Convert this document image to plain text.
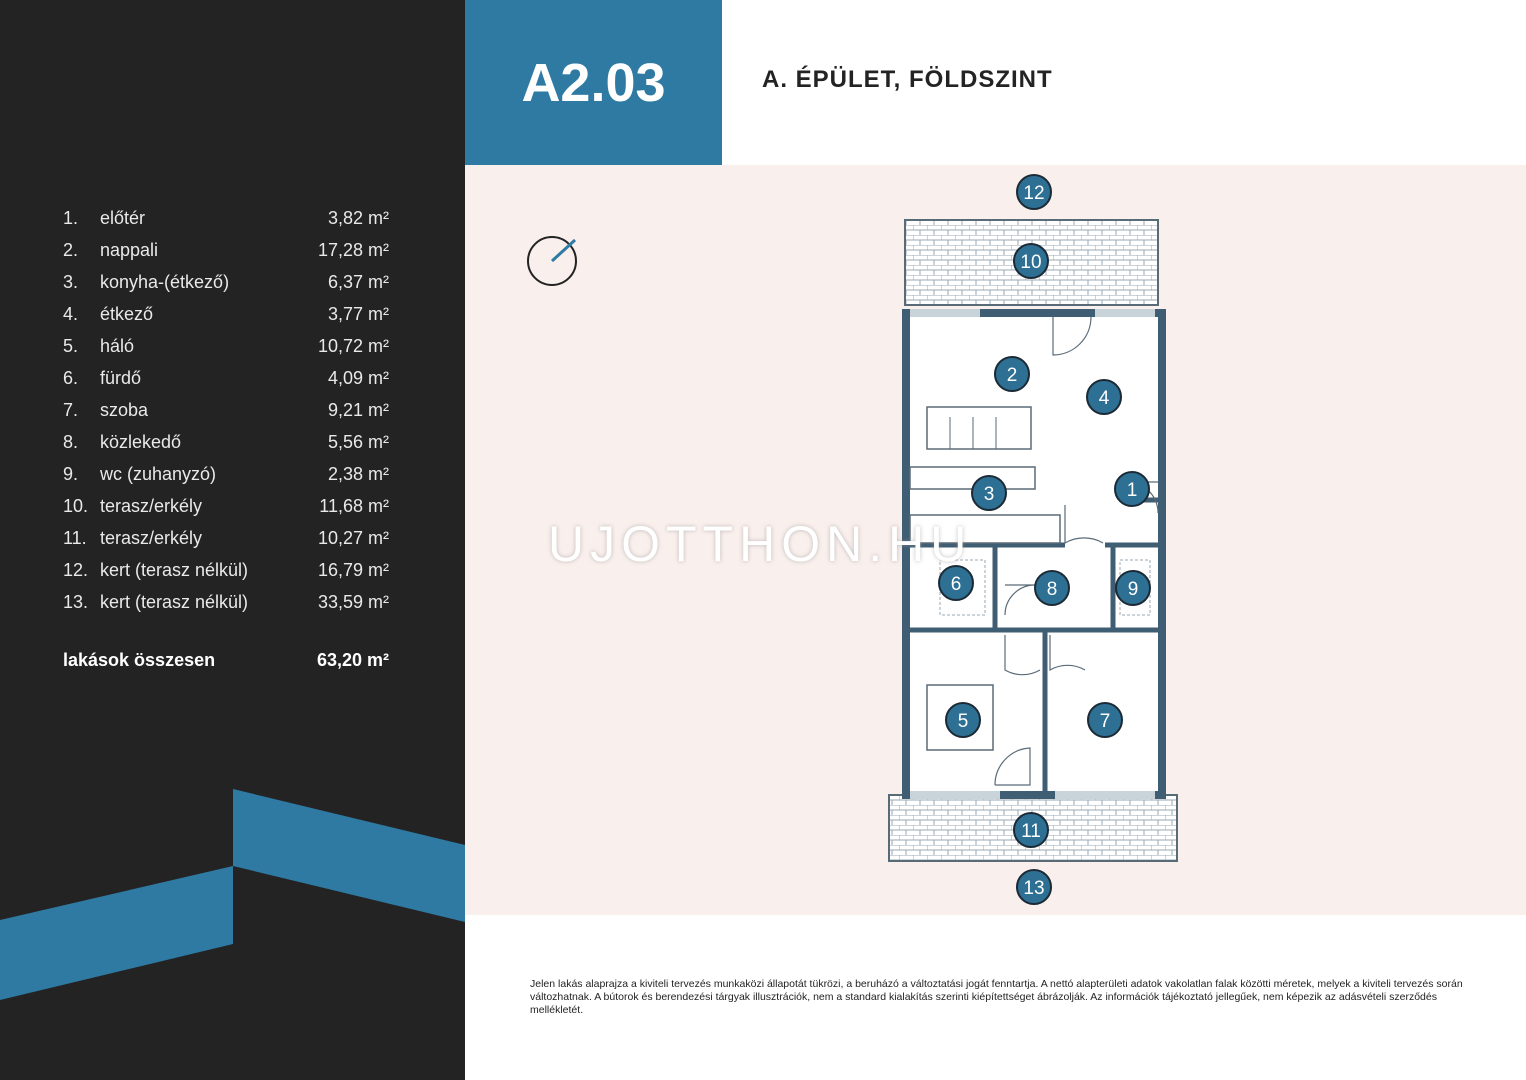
1. előtér	3,82 m²
2. nappali	17,28 m²
3. konyha-(étkező)	6,37 m²
4. étkező	3,77 m²
5. háló	10,72 m²
6. fürdő	4,09 m²
7. szoba	9,21 m²
8. közlekedő	5,56 m²
9. wc (zuhanyzó)	2,38 m²
10. terasz/erkély	11,68 m²
11. terasz/erkély	10,27 m²
12. kert (terasz nélkül)	16,79 m²
13. kert (terasz nélkül)	33,59 m²
lakások összesen	63,20 m²
A2.03	A. ÉPÜLET, FÖLDSZINT
1
2
3
4
5
6
7
8	9
10
11
12
13
UJOTTHON.HU
Jelen lakás alaprajza a kiviteli tervezés munkaközi állapotát tükrözi, a beruházó a változtatási jogát fenntartja. A nettó alapterületi adatok vakolatlan falak közötti méretek, melyek a kiviteli tervezés során változhatnak. A bútorok és berendezési tárgyak illusztrációk, nem a standard kialakítás szerinti kiépítettséget ábrázolják. Az információk tájékoztató jellegűek, nem képezik az adásvételi szerződés mellékletét.
